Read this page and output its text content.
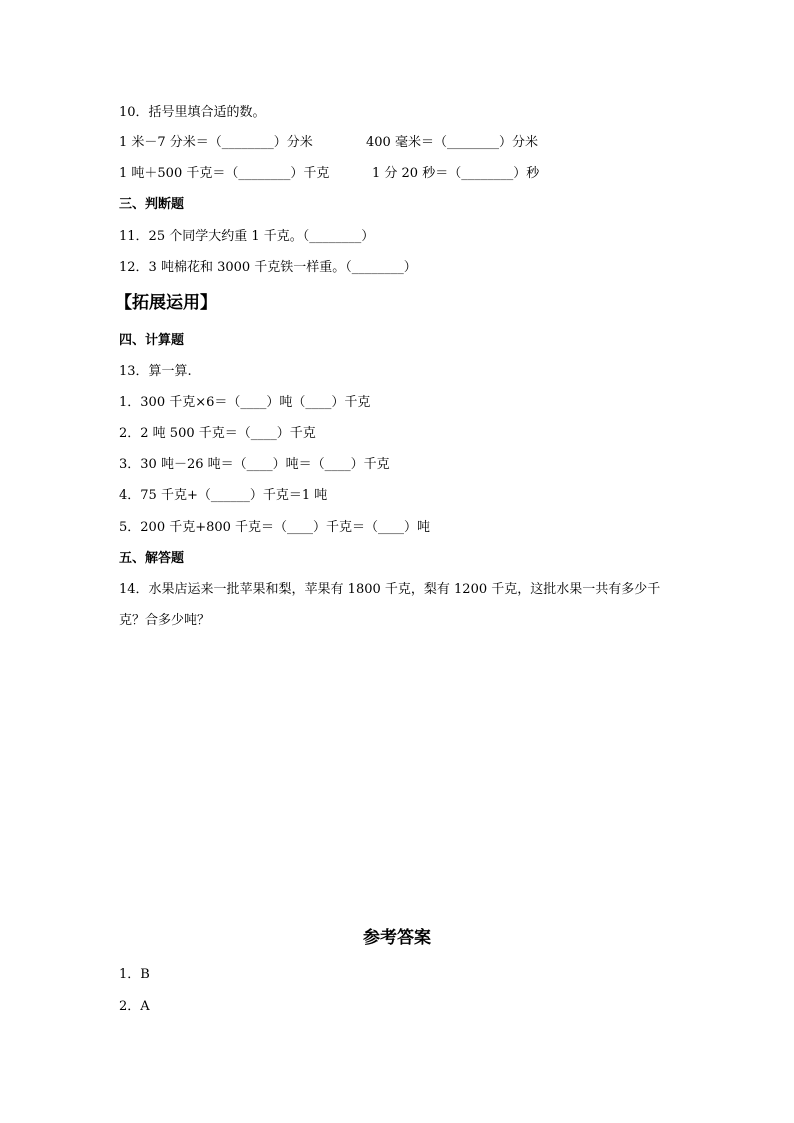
10．括号里填合适的数。
1 米－7 分米＝（________）分米	400 毫米＝（________）分米
1 吨＋500 千克＝（________）千克	1 分 20 秒＝（________）秒
三、判断题
11．25 个同学大约重 1 千克。（________）
12．3 吨棉花和 3000 千克铁一样重。（________）
【拓展运用】
四、计算题
13．算一算.
1．300 千克×6＝（____）吨（____）千克
2．2 吨 500 千克＝（____）千克
3．30 吨－26 吨＝（____）吨＝（____）千克
4．75 千克+（______）千克＝1 吨
5．200 千克+800 千克＝（____）千克＝（____）吨
五、解答题
14．水果店运来一批苹果和梨，苹果有 1800 千克，梨有 1200 千克，这批水果一共有多少千
克？合多少吨？
参考答案
1．B
2．A
